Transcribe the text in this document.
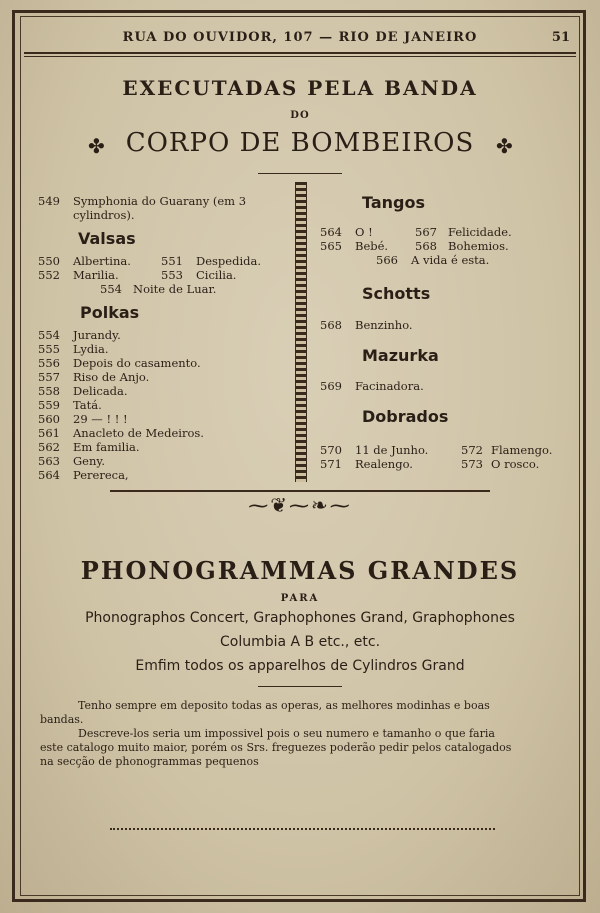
RUA DO OUVIDOR, 107 — RIO DE JANEIRO	51
EXECUTADAS PELA BANDA
DO
✤ CORPO DE BOMBEIROS	✤
549 Symphonia do Guarany (em 3
cylindros).
Valsas
550 Albertina.	551 Despedida.
552 Marilia.	553 Cicilia.
554 Noite de Luar.
Polkas
554 Jurandy.
555 Lydia.
556 Depois do casamento.
557 Riso de Anjo.
558 Delicada.
559 Tatá.
560 29 — ! ! !
561 Anacleto de Medeiros.
562 Em familia.
563 Geny.
564 Perereca,
Tangos
564 O !	567 Felicidade.
565 Bebé. 568 Bohemios.
566 A vida é esta.
Schotts
568 Benzinho.
Mazurka
569 Facinadora.
Dobrados
570 11 de Junho.	572 Flamengo.
571 Realengo.	573 O rosco.
⁓❦⁓❧⁓
PHONOGRAMMAS GRANDES
PARA
Phonographos Concert, Graphophones Grand, Graphophones
Columbia A B etc., etc.
Emfim todos os apparelhos de Cylindros Grand
Tenho sempre em deposito todas as operas, as melhores modinhas e boas
bandas.
Descreve-los seria um impossivel pois o seu numero e tamanho o que faria
este catalogo muito maior, porém os Srs. freguezes poderão pedir pelos catalogados
na secção de phonogrammas pequenos
